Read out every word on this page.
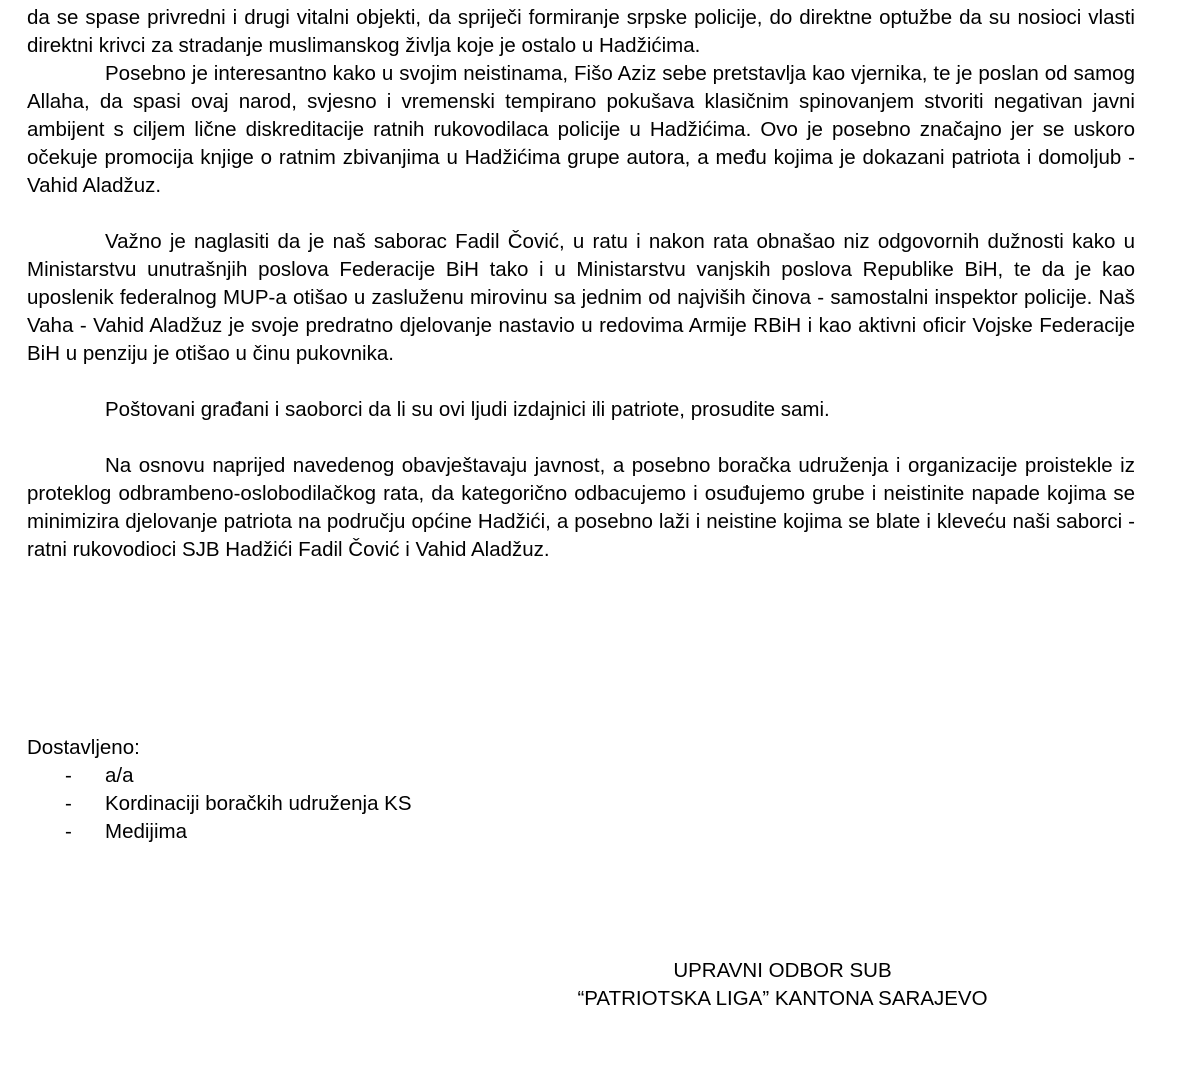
da se spase privredni i drugi vitalni objekti, da spriječi formiranje srpske policije, do direktne optužbe da su nosioci vlasti direktni krivci za stradanje muslimanskog življa koje je ostalo u Hadžićima.

Posebno je interesantno kako u svojim neistinama, Fišo Aziz sebe pretstavlja kao vjernika, te je poslan od samog Allaha, da spasi ovaj narod, svjesno i vremenski tempirano pokušava klasičnim spinovanjem stvoriti negativan javni ambijent s ciljem lične diskreditacije ratnih rukovodilaca policije u Hadžićima. Ovo je posebno značajno jer se uskoro očekuje promocija knjige o ratnim zbivanjima u Hadžićima grupe autora, a među kojima je dokazani patriota i domoljub - Vahid Aladžuz.

Važno je naglasiti da je naš saborac Fadil Čović, u ratu i nakon rata obnašao niz odgovornih dužnosti kako u Ministarstvu unutrašnjih poslova Federacije BiH tako i u Ministarstvu vanjskih poslova Republike BiH, te da je kao uposlenik federalnog MUP-a otišao u zasluženu mirovinu sa jednim od najviših činova - samostalni inspektor policije. Naš Vaha - Vahid Aladžuz je svoje predratno djelovanje nastavio u redovima Armije RBiH i kao aktivni oficir Vojske Federacije BiH u penziju je otišao u činu pukovnika.

Poštovani građani i saoborci da li su ovi ljudi izdajnici ili patriote, prosudite sami.

Na osnovu naprijed navedenog obavještavaju javnost, a posebno boračka udruženja i organizacije proistekle iz proteklog odbrambeno-oslobodilačkog rata, da kategorično odbacujemo i osuđujemo grube i neistinite napade kojima se minimizira djelovanje patriota na području općine Hadžići, a posebno laži i neistine kojima se blate i kleveću naši saborci - ratni rukovodioci SJB Hadžići Fadil Čović i Vahid Aladžuz.

Dostavljeno:
- a/a
- Kordinaciji boračkih udruženja KS
- Medijima
UPRAVNI ODBOR SUB
“PATRIOTSKA LIGA” KANTONA SARAJEVO
